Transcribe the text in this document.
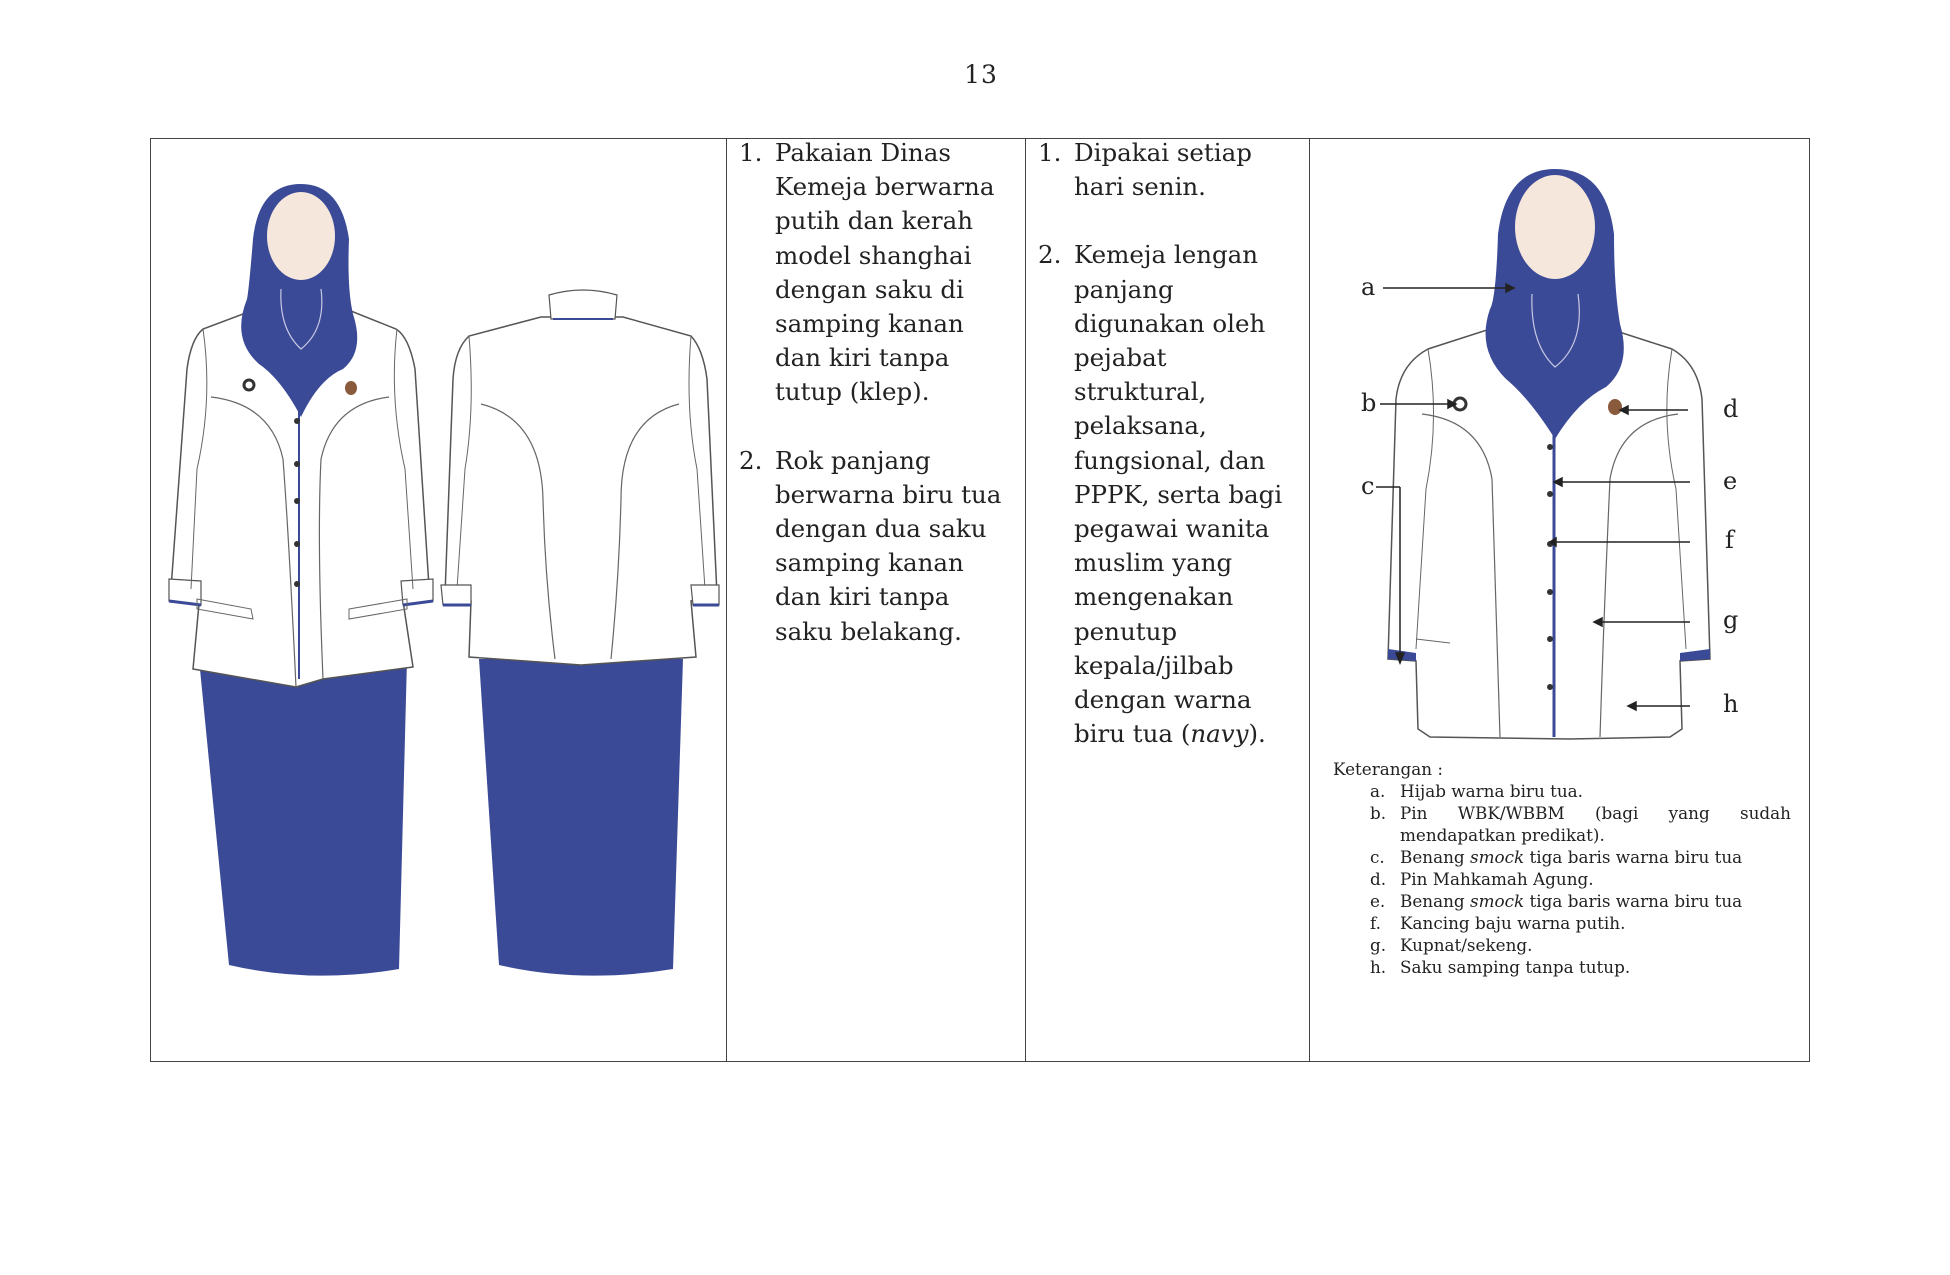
13
1. Pakaian Dinas
Kemeja berwarna
putih dan kerah
model shanghai
dengan saku di
samping kanan
dan kiri tanpa
tutup (klep).
2. Rok panjang
berwarna biru tua
dengan dua saku
samping kanan
dan kiri tanpa
saku belakang.
1. Dipakai setiap
hari senin.
2. Kemeja lengan
panjang
digunakan oleh
pejabat
struktural,
pelaksana,
fungsional, dan
PPPK, serta bagi
pegawai wanita
muslim yang
mengenakan
penutup
kepala/jilbab
dengan warna
biru tua (navy).
a
b
c
d
e
f
g
h
Keterangan :
a. Hijab warna biru tua.
b. Pin WBK/WBBM (bagi yang sudah
mendapatkan predikat).
c. Benang smock tiga baris warna biru tua
d. Pin Mahkamah Agung.
e. Benang smock tiga baris warna biru tua
f. Kancing baju warna putih.
g. Kupnat/sekeng.
h. Saku samping tanpa tutup.
